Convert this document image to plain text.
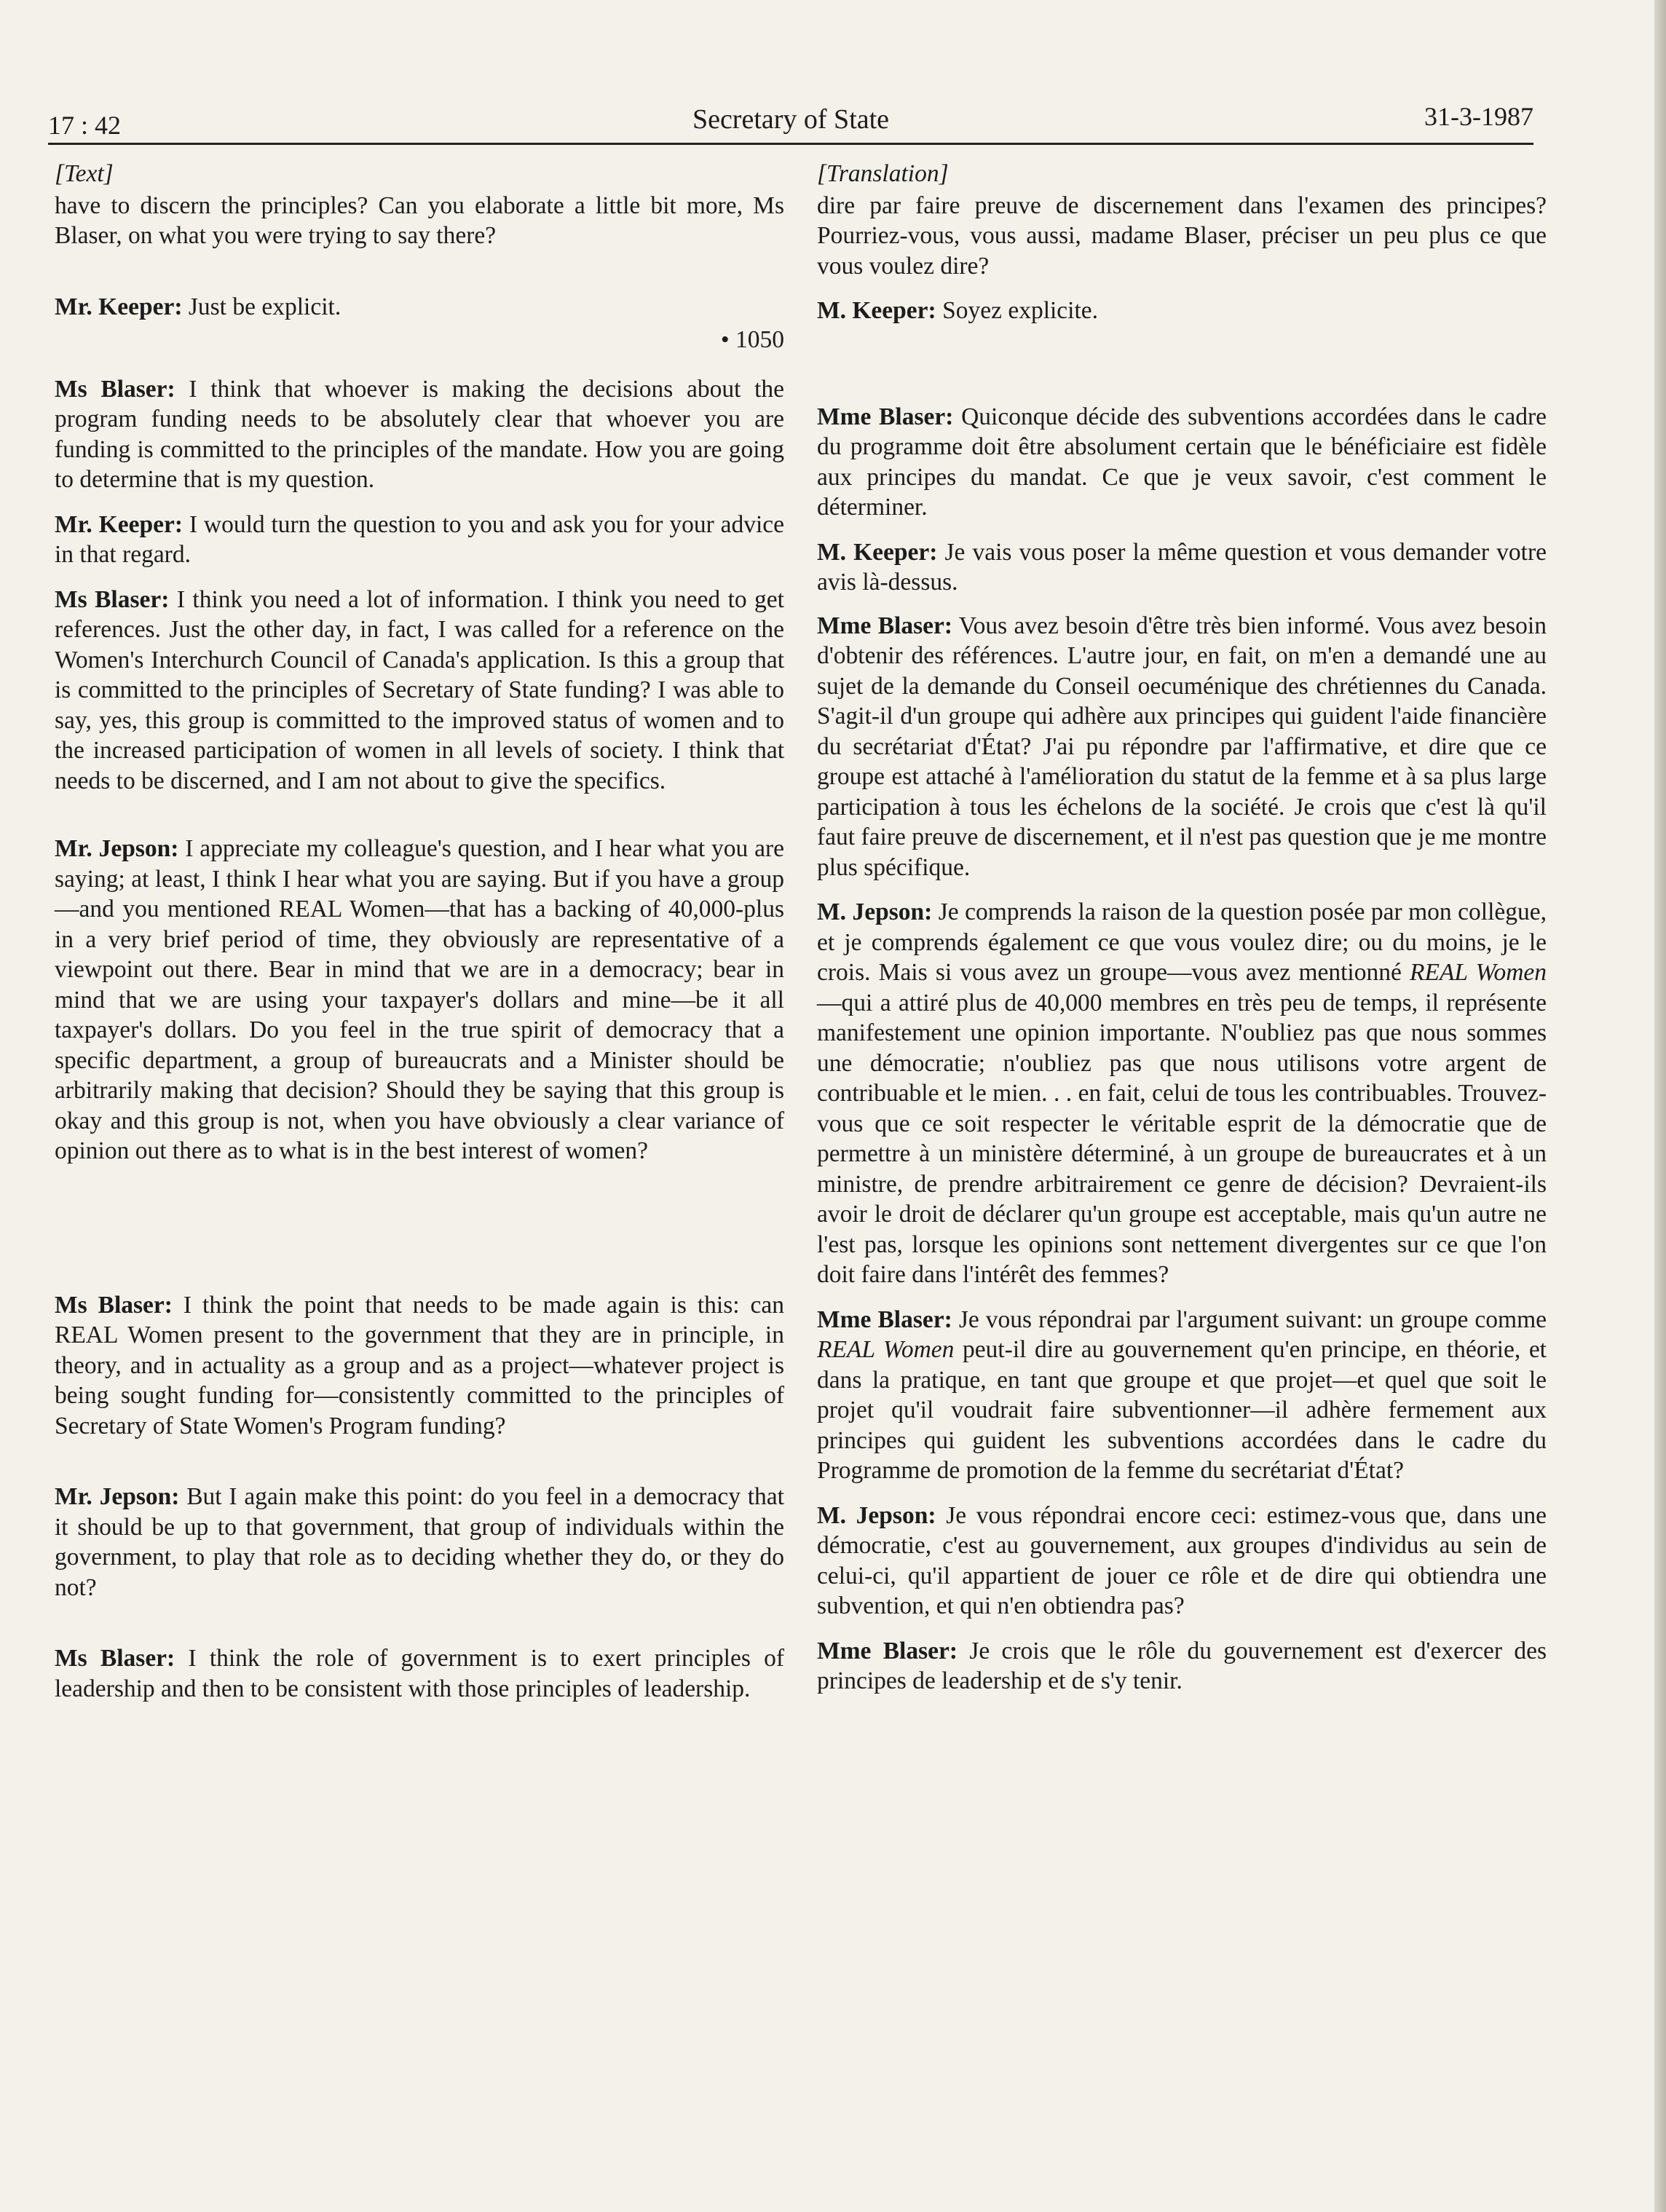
17 : 42	Secretary of State	31-3-1987

[Text]

have to discern the principles? Can you elaborate a little bit more, Ms Blaser, on what you were trying to say there?

Mr. Keeper: Just be explicit.

• 1050

Ms Blaser: I think that whoever is making the decisions about the program funding needs to be absolutely clear that whoever you are funding is committed to the principles of the mandate. How you are going to determine that is my question.

Mr. Keeper: I would turn the question to you and ask you for your advice in that regard.

Ms Blaser: I think you need a lot of information. I think you need to get references. Just the other day, in fact, I was called for a reference on the Women's Interchurch Council of Canada's application. Is this a group that is committed to the principles of Secretary of State funding? I was able to say, yes, this group is committed to the improved status of women and to the increased participation of women in all levels of society. I think that needs to be discerned, and I am not about to give the specifics.

Mr. Jepson: I appreciate my colleague's question, and I hear what you are saying; at least, I think I hear what you are saying. But if you have a group—and you mentioned REAL Women—that has a backing of 40,000-plus in a very brief period of time, they obviously are representative of a viewpoint out there. Bear in mind that we are in a democracy; bear in mind that we are using your taxpayer's dollars and mine—be it all taxpayer's dollars. Do you feel in the true spirit of democracy that a specific department, a group of bureaucrats and a Minister should be arbitrarily making that decision? Should they be saying that this group is okay and this group is not, when you have obviously a clear variance of opinion out there as to what is in the best interest of women?

Ms Blaser: I think the point that needs to be made again is this: can REAL Women present to the government that they are in principle, in theory, and in actuality as a group and as a project—whatever project is being sought funding for—consistently committed to the principles of Secretary of State Women's Program funding?

Mr. Jepson: But I again make this point: do you feel in a democracy that it should be up to that government, that group of individuals within the government, to play that role as to deciding whether they do, or they do not?

Ms Blaser: I think the role of government is to exert principles of leadership and then to be consistent with those principles of leadership.

[Translation]

dire par faire preuve de discernement dans l'examen des principes? Pourriez-vous, vous aussi, madame Blaser, préciser un peu plus ce que vous voulez dire?

M. Keeper: Soyez explicite.

Mme Blaser: Quiconque décide des subventions accordées dans le cadre du programme doit être absolument certain que le bénéficiaire est fidèle aux principes du mandat. Ce que je veux savoir, c'est comment le déterminer.

M. Keeper: Je vais vous poser la même question et vous demander votre avis là-dessus.

Mme Blaser: Vous avez besoin d'être très bien informé. Vous avez besoin d'obtenir des références. L'autre jour, en fait, on m'en a demandé une au sujet de la demande du Conseil oecuménique des chrétiennes du Canada. S'agit-il d'un groupe qui adhère aux principes qui guident l'aide financière du secrétariat d'État? J'ai pu répondre par l'affirmative, et dire que ce groupe est attaché à l'amélioration du statut de la femme et à sa plus large participation à tous les échelons de la société. Je crois que c'est là qu'il faut faire preuve de discernement, et il n'est pas question que je me montre plus spécifique.

M. Jepson: Je comprends la raison de la question posée par mon collègue, et je comprends également ce que vous voulez dire; ou du moins, je le crois. Mais si vous avez un groupe—vous avez mentionné REAL Women—qui a attiré plus de 40,000 membres en très peu de temps, il représente manifestement une opinion importante. N'oubliez pas que nous sommes une démocratie; n'oubliez pas que nous utilisons votre argent de contribuable et le mien. . . en fait, celui de tous les contribuables. Trouvez-vous que ce soit respecter le véritable esprit de la démocratie que de permettre à un ministère déterminé, à un groupe de bureaucrates et à un ministre, de prendre arbitrairement ce genre de décision? Devraient-ils avoir le droit de déclarer qu'un groupe est acceptable, mais qu'un autre ne l'est pas, lorsque les opinions sont nettement divergentes sur ce que l'on doit faire dans l'intérêt des femmes?

Mme Blaser: Je vous répondrai par l'argument suivant: un groupe comme REAL Women peut-il dire au gouvernement qu'en principe, en théorie, et dans la pratique, en tant que groupe et que projet—et quel que soit le projet qu'il voudrait faire subventionner—il adhère fermement aux principes qui guident les subventions accordées dans le cadre du Programme de promotion de la femme du secrétariat d'État?

M. Jepson: Je vous répondrai encore ceci: estimez-vous que, dans une démocratie, c'est au gouvernement, aux groupes d'individus au sein de celui-ci, qu'il appartient de jouer ce rôle et de dire qui obtiendra une subvention, et qui n'en obtiendra pas?

Mme Blaser: Je crois que le rôle du gouvernement est d'exercer des principes de leadership et de s'y tenir.
